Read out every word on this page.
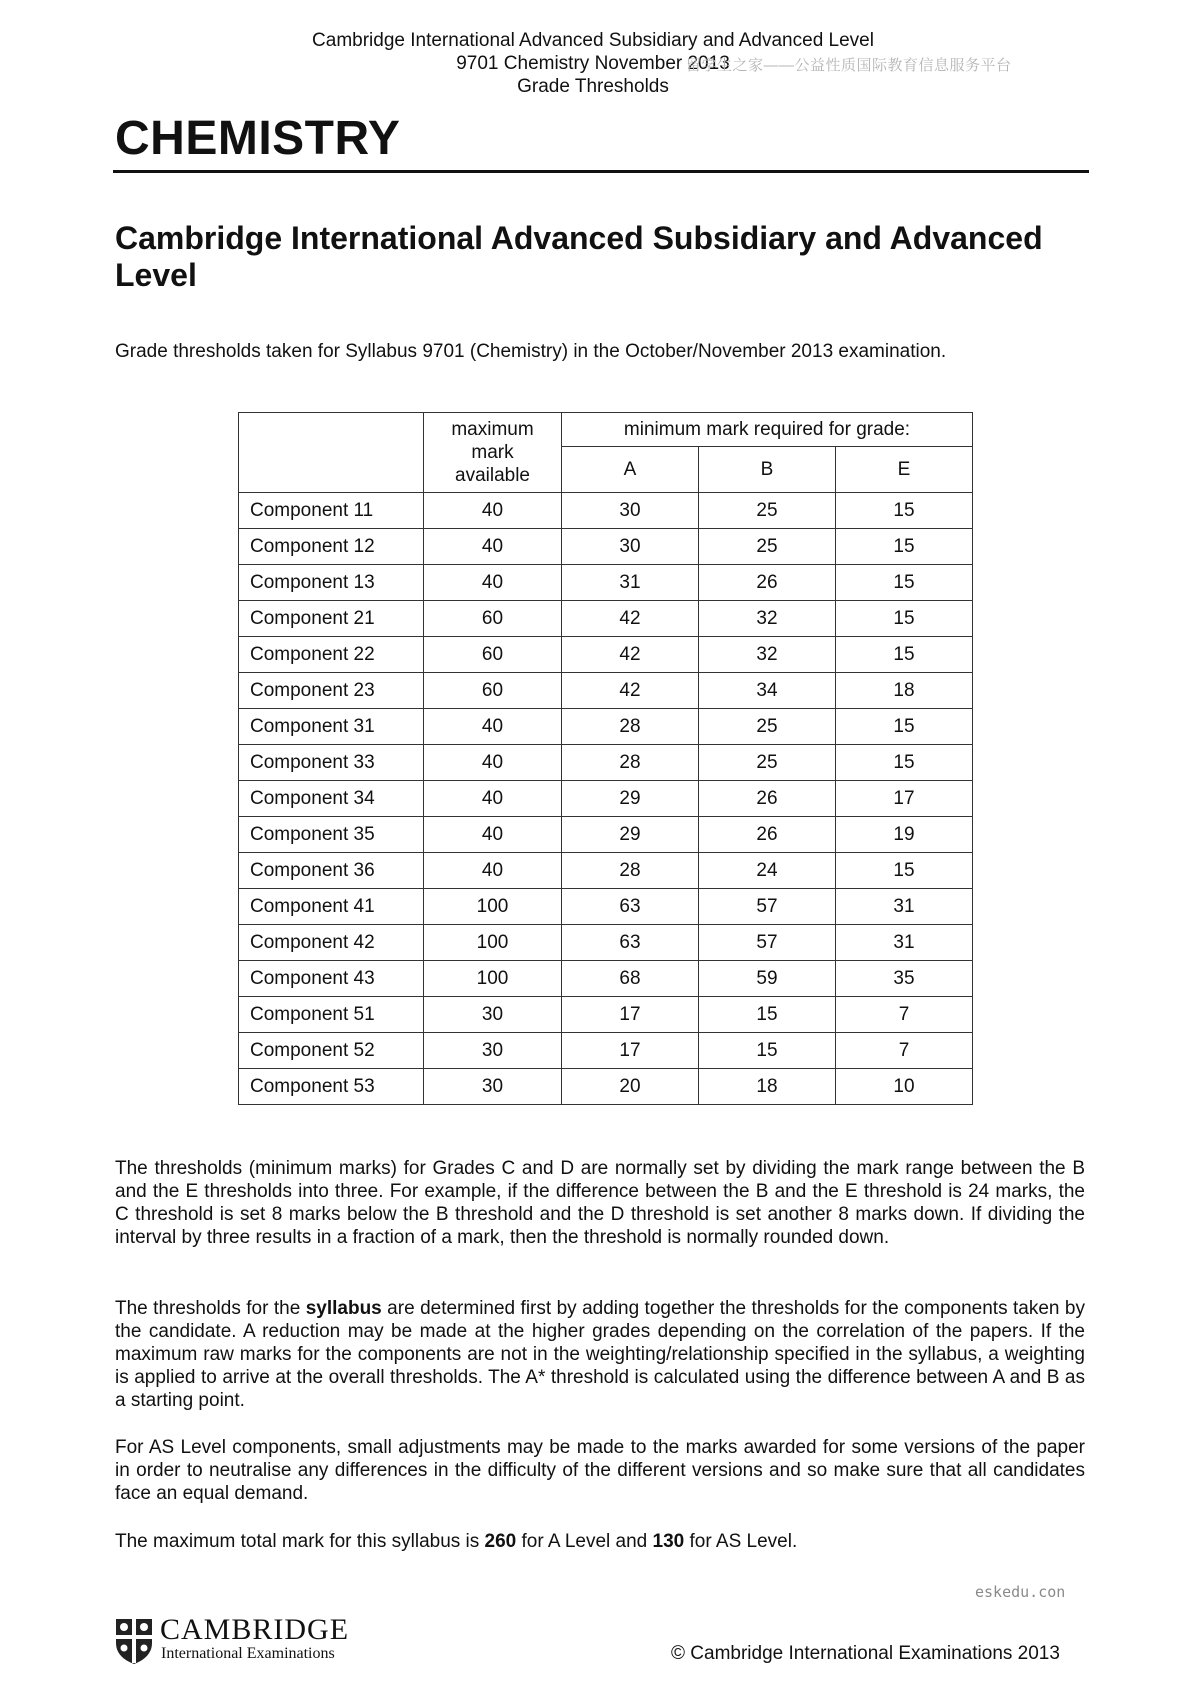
Cambridge International Advanced Subsidiary and Advanced Level
9701 Chemistry November 2013
Grade Thresholds
留学生之家——公益性质国际教育信息服务平台
CHEMISTRY
Cambridge International Advanced Subsidiary and Advanced Level
Grade thresholds taken for Syllabus 9701 (Chemistry) in the October/November 2013 examination.

	maximum mark available	minimum mark required for grade:		
		A	B	E
Component 11	40	30	25	15
Component 12	40	30	25	15
Component 13	40	31	26	15
Component 21	60	42	32	15
Component 22	60	42	32	15
Component 23	60	42	34	18
Component 31	40	28	25	15
Component 33	40	28	25	15
Component 34	40	29	26	17
Component 35	40	29	26	19
Component 36	40	28	24	15
Component 41	100	63	57	31
Component 42	100	63	57	31
Component 43	100	68	59	35
Component 51	30	17	15	7
Component 52	30	17	15	7
Component 53	30	20	18	10
The thresholds (minimum marks) for Grades C and D are normally set by dividing the mark range between the B and the E thresholds into three. For example, if the difference between the B and the E threshold is 24 marks, the C threshold is set 8 marks below the B threshold and the D threshold is set another 8 marks down. If dividing the interval by three results in a fraction of a mark, then the threshold is normally rounded down.
The thresholds for the syllabus are determined first by adding together the thresholds for the components taken by the candidate. A reduction may be made at the higher grades depending on the correlation of the papers. If the maximum raw marks for the components are not in the weighting/relationship specified in the syllabus, a weighting is applied to arrive at the overall thresholds. The A* threshold is calculated using the difference between A and B as a starting point.
For AS Level components, small adjustments may be made to the marks awarded for some versions of the paper in order to neutralise any differences in the difficulty of the different versions and so make sure that all candidates face an equal demand.
The maximum total mark for this syllabus is 260 for A Level and 130 for AS Level.
eskedu.con
CAMBRIDGE
International Examinations	© Cambridge International Examinations 2013
